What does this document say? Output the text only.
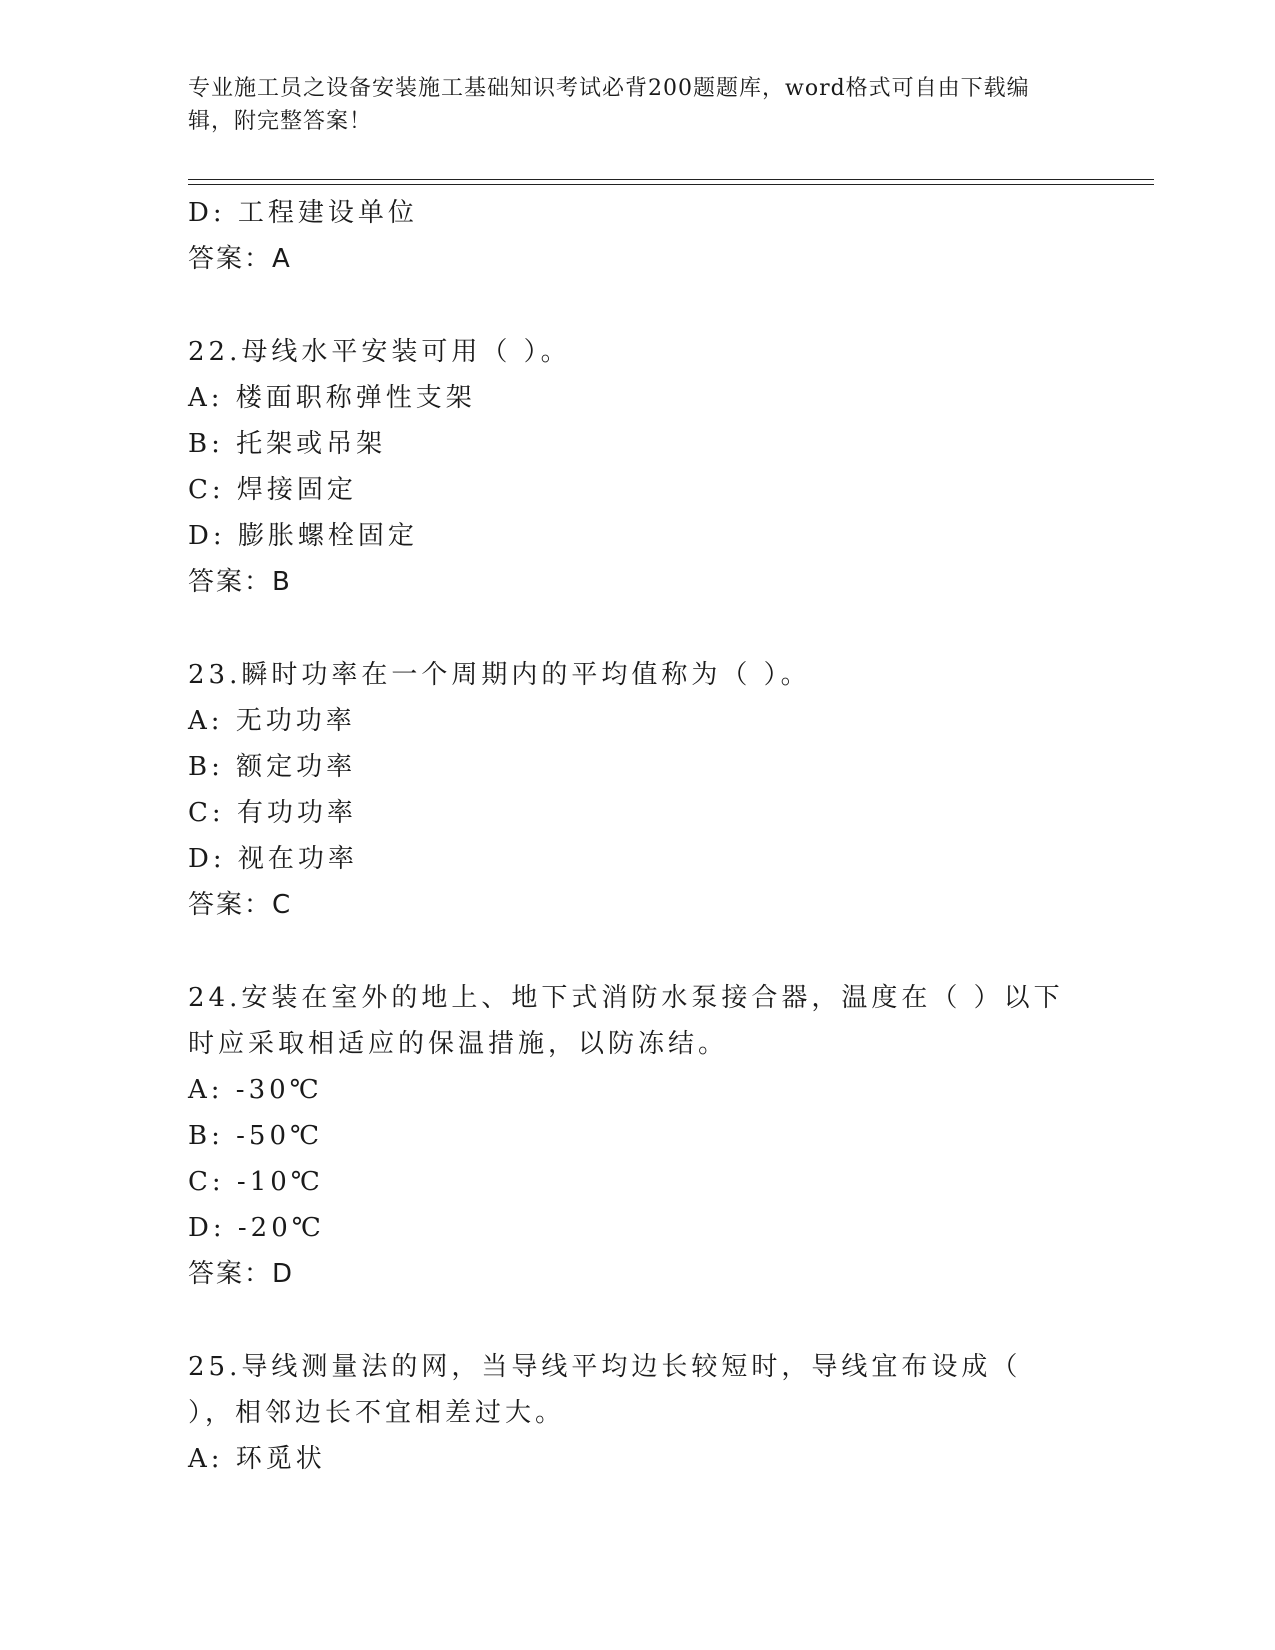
专业施工员之设备安装施工基础知识考试必背200题题库，word格式可自由下载编辑，附完整答案！
D: 工程建设单位
答案：A
22.母线水平安装可用（ ）。
A: 楼面职称弹性支架
B: 托架或吊架
C: 焊接固定
D: 膨胀螺栓固定
答案：B
23.瞬时功率在一个周期内的平均值称为（ ）。
A: 无功功率
B: 额定功率
C: 有功功率
D: 视在功率
答案：C
24.安装在室外的地上、地下式消防水泵接合器，温度在（ ）以下时应采取相适应的保温措施，以防冻结。
A: -30℃
B: -50℃
C: -10℃
D: -20℃
答案：D
25.导线测量法的网，当导线平均边长较短时，导线宜布设成（ ），相邻边长不宜相差过大。
A: 环觅状
